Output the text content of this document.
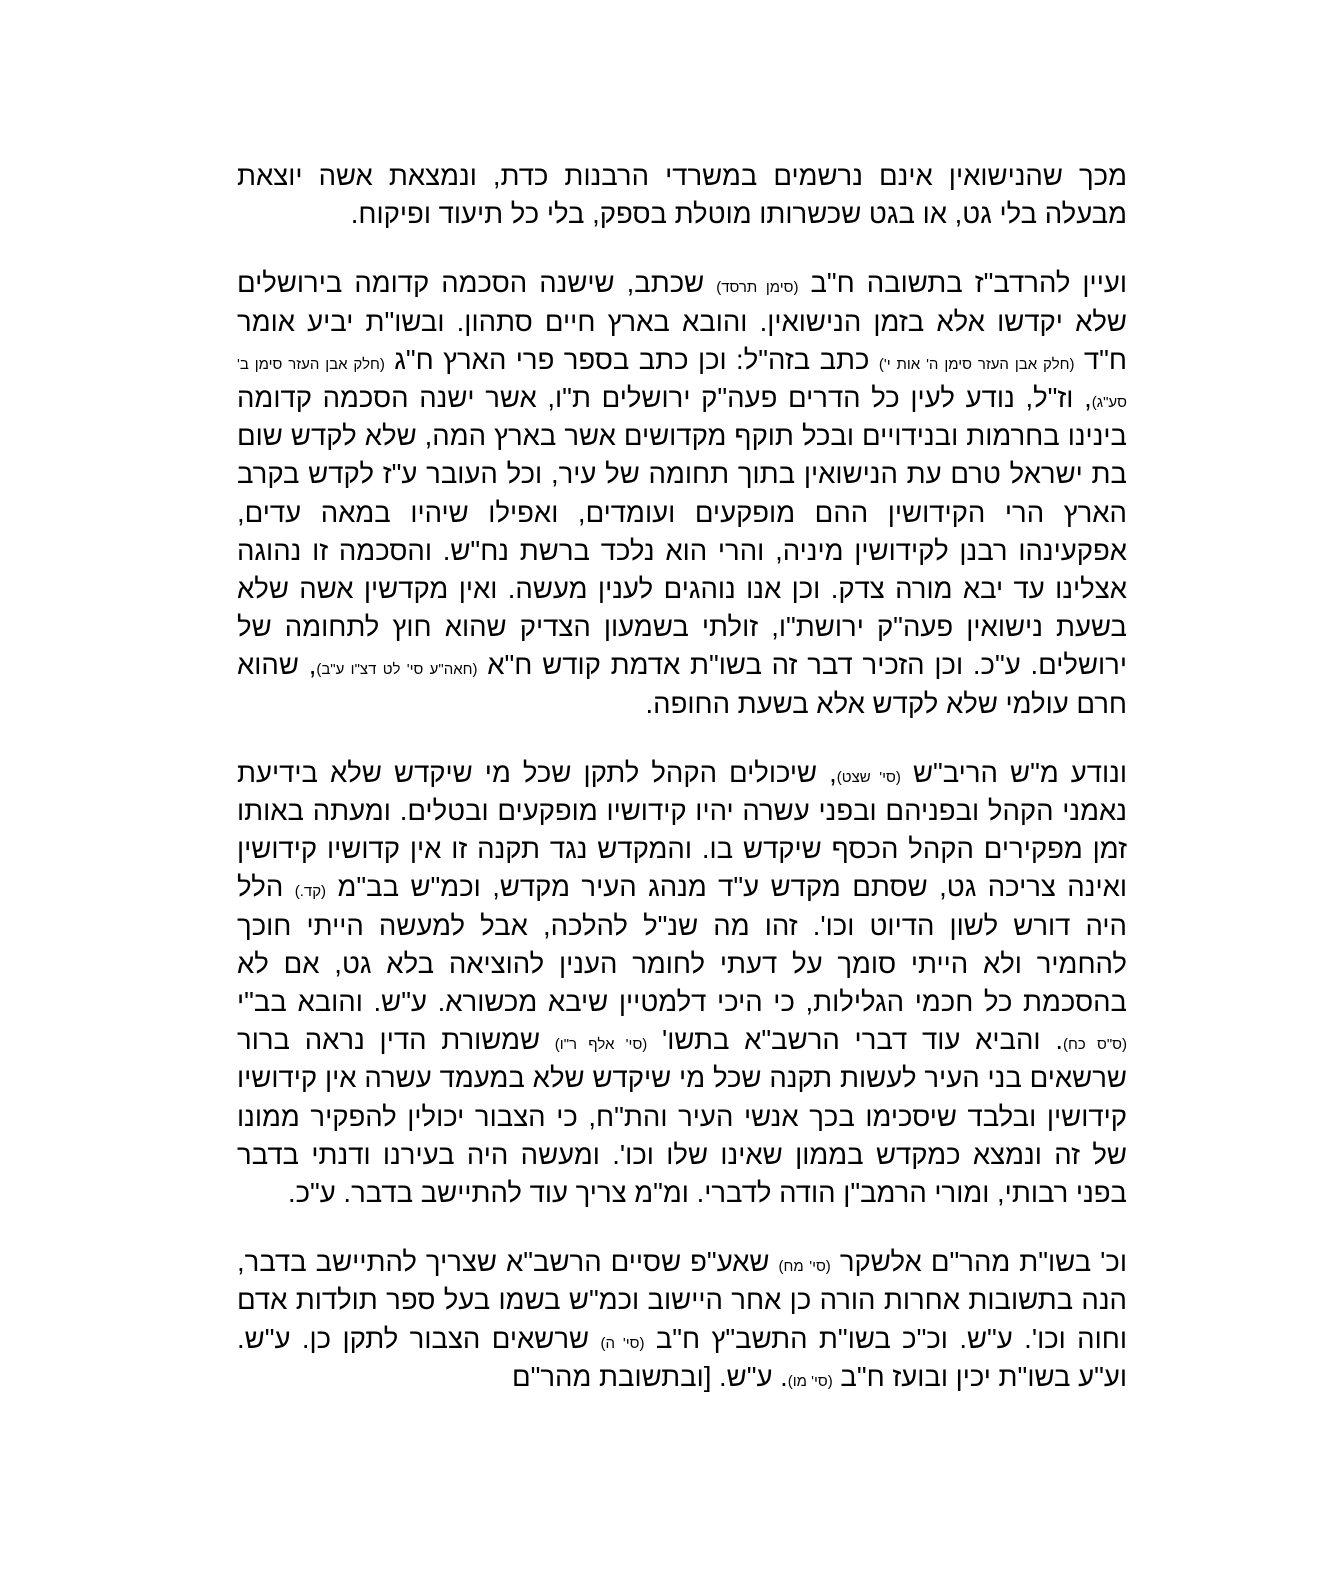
מכך שהנישואין אינם נרשמים במשרדי הרבנות כדת, ונמצאת אשה יוצאת מבעלה בלי גט, או בגט שכשרותו מוטלת בספק, בלי כל תיעוד ופיקוח.

ועיין להרדב"ז בתשובה ח"ב (סימן תרסד) שכתב, שישנה הסכמה קדומה בירושלים שלא יקדשו אלא בזמן הנישואין. והובא בארץ חיים סתהון. ובשו"ת יביע אומר ח"ד (חלק אבן העזר סימן ה' אות י') כתב בזה"ל: וכן כתב בספר פרי הארץ ח"ג (חלק אבן העזר סימן ב' סע"ג), וז"ל, נודע לעין כל הדרים פעה"ק ירושלים ת"ו, אשר ישנה הסכמה קדומה בינינו בחרמות ובנידויים ובכל תוקף מקדושים אשר בארץ המה, שלא לקדש שום בת ישראל טרם עת הנישואין בתוך תחומה של עיר, וכל העובר ע"ז לקדש בקרב הארץ הרי הקידושין ההם מופקעים ועומדים, ואפילו שיהיו במאה עדים, אפקעינהו רבנן לקידושין מיניה, והרי הוא נלכד ברשת נח"ש. והסכמה זו נהוגה אצלינו עד יבא מורה צדק. וכן אנו נוהגים לענין מעשה. ואין מקדשין אשה שלא בשעת נישואין פעה"ק ירושת"ו, זולתי בשמעון הצדיק שהוא חוץ לתחומה של ירושלים. ע"כ. וכן הזכיר דבר זה בשו"ת אדמת קודש ח"א (חאה"ע סי' לט דצ"ו ע"ב), שהוא חרם עולמי שלא לקדש אלא בשעת החופה.

ונודע מ"ש הריב"ש (סי' שצט), שיכולים הקהל לתקן שכל מי שיקדש שלא בידיעת נאמני הקהל ובפניהם ובפני עשרה יהיו קידושיו מופקעים ובטלים. ומעתה באותו זמן מפקירים הקהל הכסף שיקדש בו. והמקדש נגד תקנה זו אין קדושיו קידושין ואינה צריכה גט, שסתם מקדש ע"ד מנהג העיר מקדש, וכמ"ש בב"מ (קד.) הלל היה דורש לשון הדיוט וכו'. זהו מה שנ"ל להלכה, אבל למעשה הייתי חוכך להחמיר ולא הייתי סומך על דעתי לחומר הענין להוציאה בלא גט, אם לא בהסכמת כל חכמי הגלילות, כי היכי דלמטיין שיבא מכשורא. ע"ש. והובא בב"י (ס"ס כח). והביא עוד דברי הרשב"א בתשו' (סי' אלף ר"ו) שמשורת הדין נראה ברור שרשאים בני העיר לעשות תקנה שכל מי שיקדש שלא במעמד עשרה אין קידושיו קידושין ובלבד שיסכימו בכך אנשי העיר והת"ח, כי הצבור יכולין להפקיר ממונו של זה ונמצא כמקדש בממון שאינו שלו וכו'. ומעשה היה בעירנו ודנתי בדבר בפני רבותי, ומורי הרמב"ן הודה לדברי. ומ"מ צריך עוד להתיישב בדבר. ע"כ.

וכ' בשו"ת מהר"ם אלשקר (סי' מח) שאע"פ שסיים הרשב"א שצריך להתיישב בדבר, הנה בתשובות אחרות הורה כן אחר היישוב וכמ"ש בשמו בעל ספר תולדות אדם וחוה וכו'. ע"ש. וכ"כ בשו"ת התשב"ץ ח"ב (סי' ה) שרשאים הצבור לתקן כן. ע"ש. וע"ע בשו"ת יכין ובועז ח"ב (סי' מו). ע"ש. [ובתשובת מהר"ם
